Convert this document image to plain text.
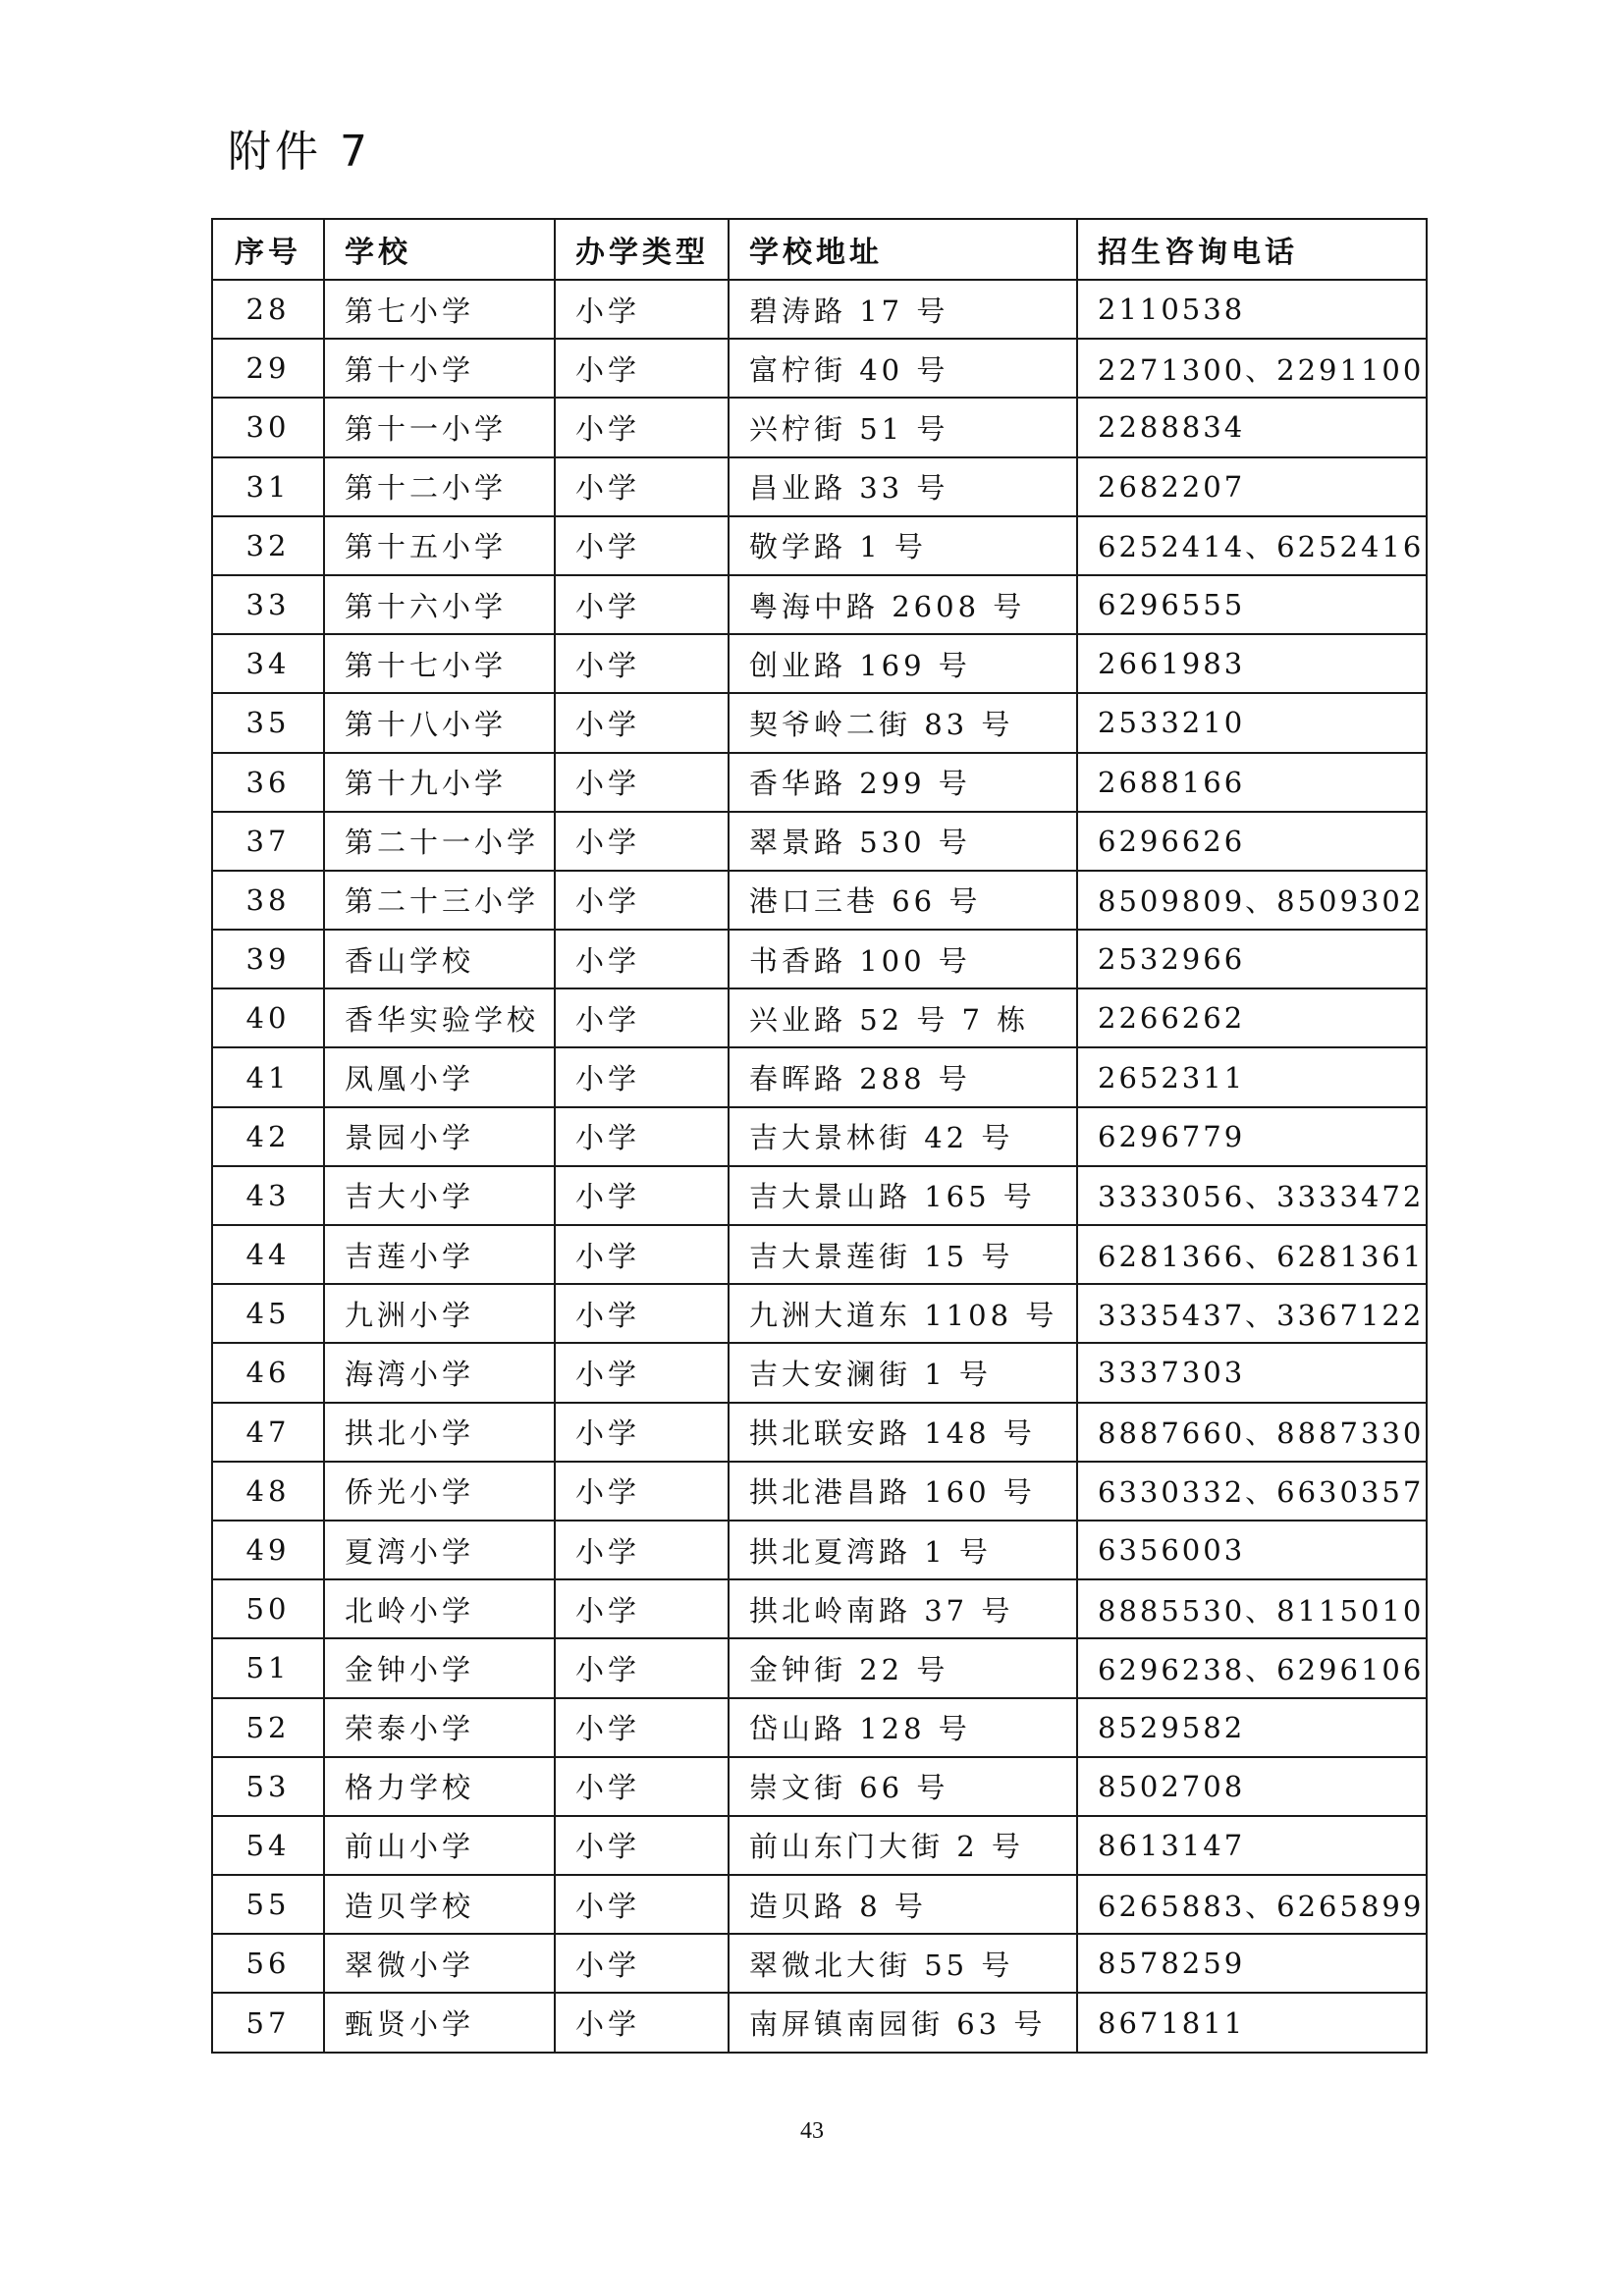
附件 7
序号	学校	办学类型	学校地址	招生咨询电话
28	第七小学	小学	碧涛路 17 号	2110538
29	第十小学	小学	富柠街 40 号	2271300、2291100
30	第十一小学	小学	兴柠街 51 号	2288834
31	第十二小学	小学	昌业路 33 号	2682207
32	第十五小学	小学	敬学路 1 号	6252414、6252416
33	第十六小学	小学	粤海中路 2608 号	6296555
34	第十七小学	小学	创业路 169 号	2661983
35	第十八小学	小学	契爷岭二街 83 号	2533210
36	第十九小学	小学	香华路 299 号	2688166
37	第二十一小学	小学	翠景路 530 号	6296626
38	第二十三小学	小学	港口三巷 66 号	8509809、8509302
39	香山学校	小学	书香路 100 号	2532966
40	香华实验学校	小学	兴业路 52 号 7 栋	2266262
41	凤凰小学	小学	春晖路 288 号	2652311
42	景园小学	小学	吉大景林街 42 号	6296779
43	吉大小学	小学	吉大景山路 165 号	3333056、3333472
44	吉莲小学	小学	吉大景莲街 15 号	6281366、6281361
45	九洲小学	小学	九洲大道东 1108 号	3335437、3367122
46	海湾小学	小学	吉大安澜街 1 号	3337303
47	拱北小学	小学	拱北联安路 148 号	8887660、8887330
48	侨光小学	小学	拱北港昌路 160 号	6330332、6630357
49	夏湾小学	小学	拱北夏湾路 1 号	6356003
50	北岭小学	小学	拱北岭南路 37 号	8885530、8115010
51	金钟小学	小学	金钟街 22 号	6296238、6296106
52	荣泰小学	小学	岱山路 128 号	8529582
53	格力学校	小学	崇文街 66 号	8502708
54	前山小学	小学	前山东门大街 2 号	8613147
55	造贝学校	小学	造贝路 8 号	6265883、6265899
56	翠微小学	小学	翠微北大街 55 号	8578259
57	甄贤小学	小学	南屏镇南园街 63 号	8671811
43
